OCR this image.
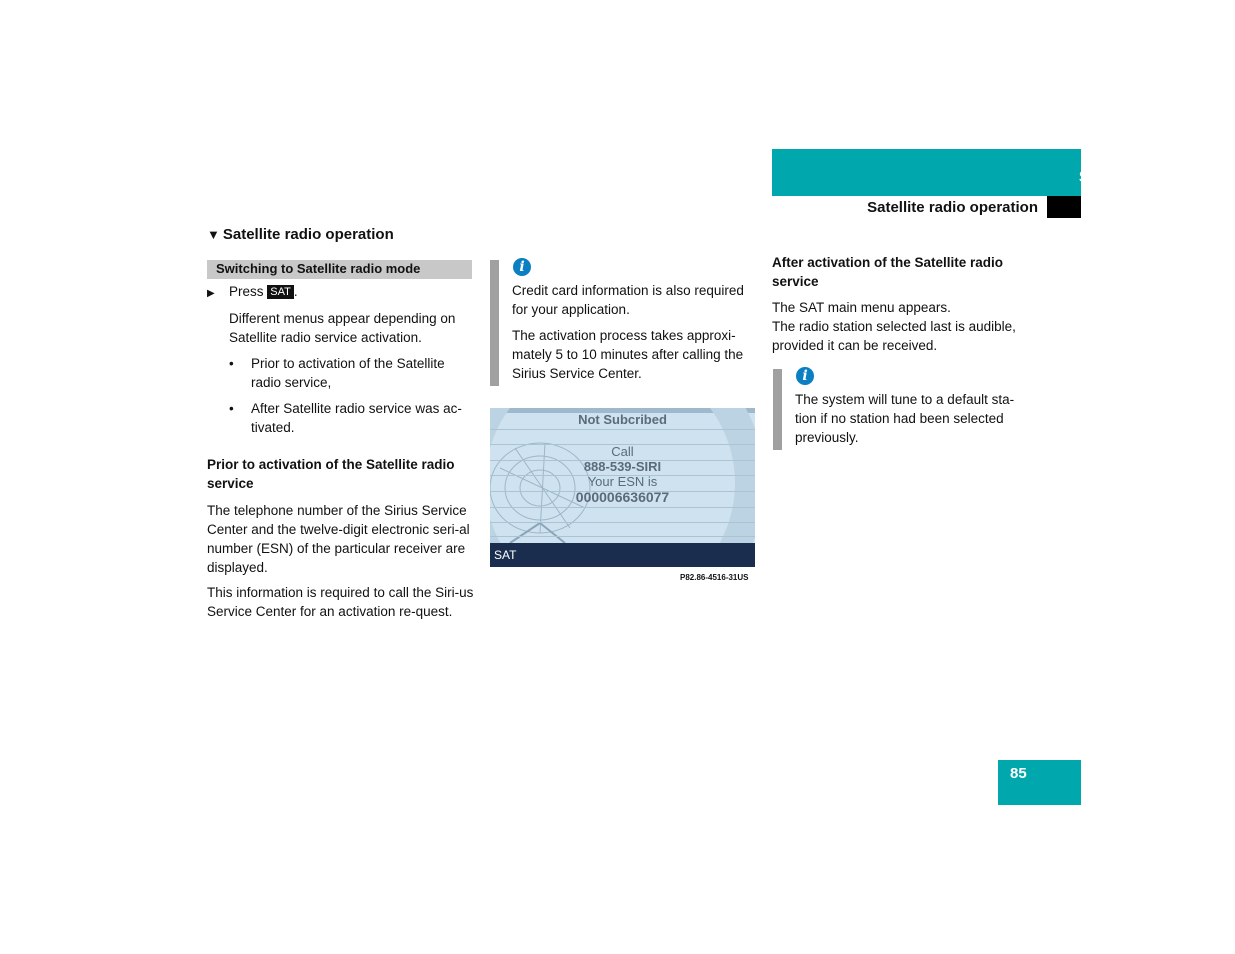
Satellite radio*
Satellite radio operation
▼ Satellite radio operation
Switching to Satellite radio mode
▶ Press SAT .
Different menus appear depending on Satellite radio service activation.
• Prior to activation of the Satellite radio service,
• After Satellite radio service was ac-tivated.
Prior to activation of the Satellite radio service
The telephone number of the Sirius Service Center and the twelve-digit electronic seri-al number (ESN) of the particular receiver are displayed.
This information is required to call the Siri-us Service Center for an activation re-quest.
i
Credit card information is also required for your application.
The activation process takes approxi-mately 5 to 10 minutes after calling the Sirius Service Center.
Not Subcribed
Call
888-539-SIRI
Your ESN is
000006636077
SAT
P82.86-4516-31US
After activation of the Satellite radio service
The SAT main menu appears.
The radio station selected last is audible, provided it can be received.
i
The system will tune to a default sta-tion if no station had been selected previously.
85
